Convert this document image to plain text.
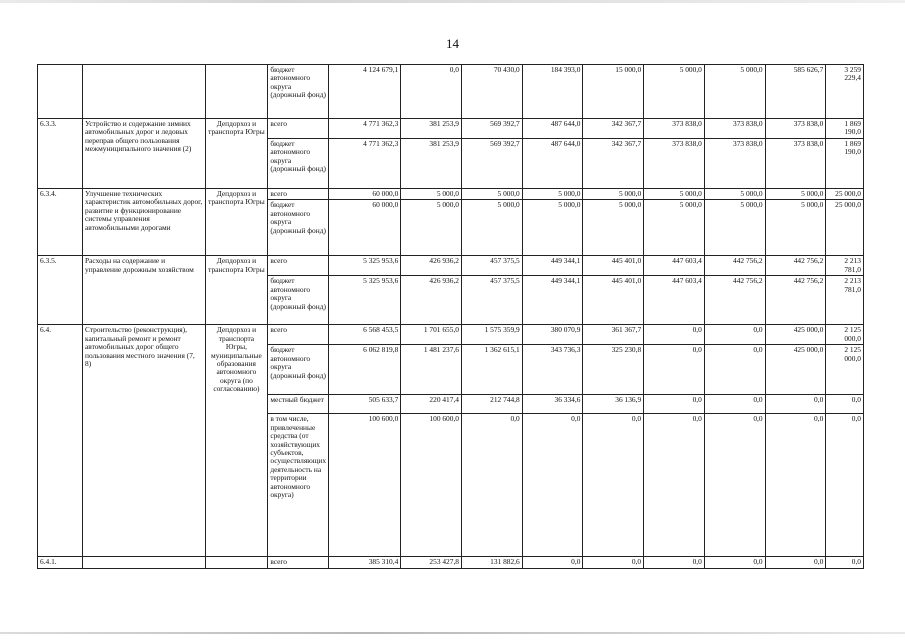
14
			бюджет автономного округа (дорожный фонд)	4 124 679,1	0,0	70 430,0	184 393,0	15 000,0	5 000,0	5 000,0	585 626,7	3 259 229,4
6.3.3.	Устройство и содержание зимних автомобильных дорог и ледовых переправ общего пользования межмуниципального значения (2)	Депдорхоз и транспорта Югры	всего	4 771 362,3	381 253,9	569 392,7	487 644,0	342 367,7	373 838,0	373 838,0	373 838,0	1 869 190,0
			бюджет автономного округа (дорожный фонд)	4 771 362,3	381 253,9	569 392,7	487 644,0	342 367,7	373 838,0	373 838,0	373 838,0	1 869 190,0
6.3.4.	Улучшение технических характеристик автомобильных дорог, развитие и функционирование системы управления автомобильными дорогами	Депдорхоз и транспорта Югры	всего	60 000,0	5 000,0	5 000,0	5 000,0	5 000,0	5 000,0	5 000,0	5 000,0	25 000,0
			бюджет автономного округа (дорожный фонд)	60 000,0	5 000,0	5 000,0	5 000,0	5 000,0	5 000,0	5 000,0	5 000,0	25 000,0
6.3.5.	Расходы на содержание и управление дорожным хозяйством	Депдорхоз и транспорта Югры	всего	5 325 953,6	426 936,2	457 375,5	449 344,1	445 401,0	447 603,4	442 756,2	442 756,2	2 213 781,0
			бюджет автономного округа (дорожный фонд)	5 325 953,6	426 936,2	457 375,5	449 344,1	445 401,0	447 603,4	442 756,2	442 756,2	2 213 781,0
6.4.	Строительство (реконструкция), капитальный ремонт и ремонт автомобильных дорог общего пользования местного значения (7, 8)	Депдорхоз и транспорта Югры, муниципальные образования автономного округа (по согласованию)	всего	6 568 453,5	1 701 655,0	1 575 359,9	380 070,9	361 367,7	0,0	0,0	425 000,0	2 125 000,0
			бюджет автономного округа (дорожный фонд)	6 062 819,8	1 481 237,6	1 362 615,1	343 736,3	325 230,8	0,0	0,0	425 000,0	2 125 000,0
			местный бюджет	505 633,7	220 417,4	212 744,8	36 334,6	36 136,9	0,0	0,0	0,0	0,0
			в том числе, привлеченные средства (от хозяйствующих субъектов, осуществляющих деятельность на территории автономного округа)	100 600,0	100 600,0	0,0	0,0	0,0	0,0	0,0	0,0	0,0
6.4.1.			всего	385 310,4	253 427,8	131 882,6	0,0	0,0	0,0	0,0	0,0	0,0
